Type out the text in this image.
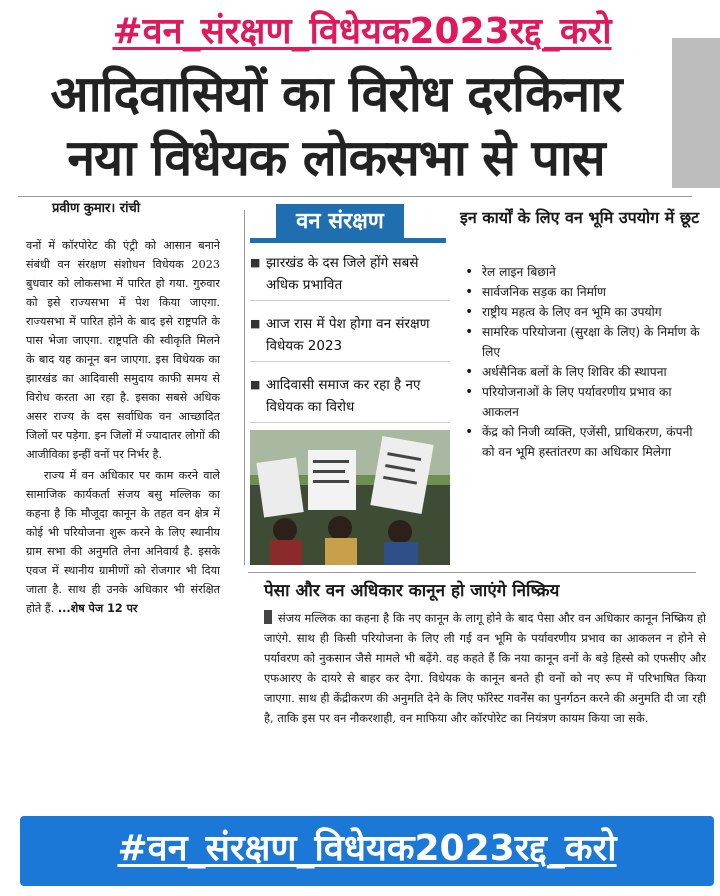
#वन_संरक्षण_विधेयक2023रद्द_करो
आदिवासियों का विरोध दरकिनार
नया विधेयक लोकसभा से पास
प्रवीण कुमार। रांची

वनों में कॉरपोरेट की एंट्री को आसान बनाने संबंधी वन संरक्षण संशोधन विधेयक 2023 बुधवार को लोकसभा में पारित हो गया. गुरुवार को इसे राज्यसभा में पेश किया जाएगा. राज्यसभा में पारित होने के बाद इसे राष्ट्रपति के पास भेजा जाएगा. राष्ट्रपति की स्वीकृति मिलने के बाद यह कानून बन जाएगा. इस विधेयक का झारखंड का आदिवासी समुदाय काफी समय से विरोध करता आ रहा है. इसका सबसे अधिक असर राज्य के दस सर्वाधिक वन आच्छादित जिलों पर पड़ेगा. इन जिलों में ज्यादातर लोगों की आजीविका इन्हीं वनों पर निर्भर है.

राज्य में वन अधिकार पर काम करने वाले सामाजिक कार्यकर्ता संजय बसु मल्लिक का कहना है कि मौजूदा कानून के तहत वन क्षेत्र में कोई भी परियोजना शुरू करने के लिए स्थानीय ग्राम सभा की अनुमति लेना अनिवार्य है. इसके एवज में स्थानीय ग्रामीणों को रोजगार भी दिया जाता है. साथ ही उनके अधिकार भी संरक्षित होते हैं. ...शेष पेज 12 पर

वन संरक्षण
■ झारखंड के दस जिले होंगे सबसे अधिक प्रभावित
■ आज रास में पेश होगा वन संरक्षण विधेयक 2023
■ आदिवासी समाज कर रहा है नए विधेयक का विरोध
इन कार्यों के लिए वन भूमि उपयोग में छूट
• रेल लाइन बिछाने
• सार्वजनिक सड़क का निर्माण
• राष्ट्रीय महत्व के लिए वन भूमि का उपयोग
• सामरिक परियोजना (सुरक्षा के लिए) के निर्माण के लिए
• अर्धसैनिक बलों के लिए शिविर की स्थापना
• परियोजनाओं के लिए पर्यावरणीय प्रभाव का आकलन
• केंद्र को निजी व्यक्ति, एजेंसी, प्राधिकरण, कंपनी को वन भूमि हस्तांतरण का अधिकार मिलेगा
पेसा और वन अधिकार कानून हो जाएंगे निष्क्रिय
संजय मल्लिक का कहना है कि नए कानून के लागू होने के बाद पेसा और वन अधिकार कानून निष्क्रिय हो जाएंगे. साथ ही किसी परियोजना के लिए ली गई वन भूमि के पर्यावरणीय प्रभाव का आकलन न होने से पर्यावरण को नुकसान जैसे मामले भी बढ़ेंगे. वह कहते हैं कि नया कानून वनों के बड़े हिस्से को एफसीए और एफआरए के दायरे से बाहर कर देगा. विधेयक के कानून बनते ही वनों को नए रूप में परिभाषित किया जाएगा. साथ ही केंद्रीकरण की अनुमति देने के लिए फॉरेस्ट गवर्नेंस का पुनर्गठन करने की अनुमति दी जा रही है, ताकि इस पर वन नौकरशाही, वन माफिया और कॉरपोरेट का नियंत्रण कायम किया जा सके.
#वन_संरक्षण_विधेयक2023रद्द_करो
